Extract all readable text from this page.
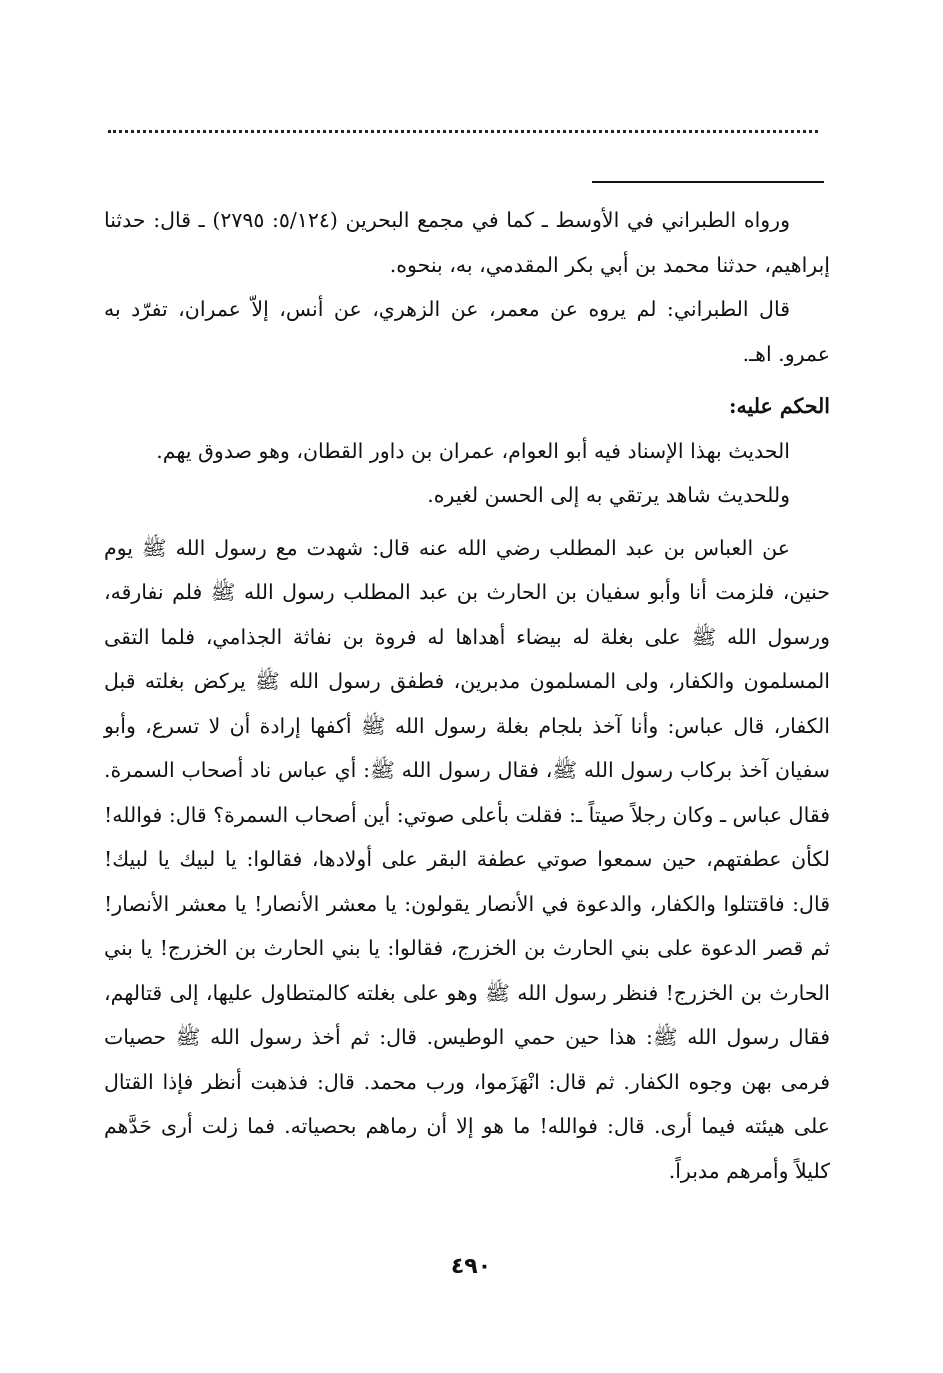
ورواه الطبراني في الأوسط ـ كما في مجمع البحرين (٥/١٢٤: ٢٧٩٥) ـ قال: حدثنا إبراهيم، حدثنا محمد بن أبي بكر المقدمي، به، بنحوه.

قال الطبراني: لم يروه عن معمر، عن الزهري، عن أنس، إلاّ عمران، تفرّد به عمرو. اهـ.

الحكم عليه:

الحديث بهذا الإسناد فيه أبو العوام، عمران بن داور القطان، وهو صدوق يهم.

وللحديث شاهد يرتقي به إلى الحسن لغيره.

عن العباس بن عبد المطلب رضي الله عنه قال: شهدت مع رسول الله ﷺ يوم حنين، فلزمت أنا وأبو سفيان بن الحارث بن عبد المطلب رسول الله ﷺ فلم نفارقه، ورسول الله ﷺ على بغلة له بيضاء أهداها له فروة بن نفاثة الجذامي، فلما التقى المسلمون والكفار، ولى المسلمون مدبرين، فطفق رسول الله ﷺ يركض بغلته قبل الكفار، قال عباس: وأنا آخذ بلجام بغلة رسول الله ﷺ أكفها إرادة أن لا تسرع، وأبو سفيان آخذ بركاب رسول الله ﷺ، فقال رسول الله ﷺ: أي عباس ناد أصحاب السمرة. فقال عباس ـ وكان رجلاً صيتاً ـ: فقلت بأعلى صوتي: أين أصحاب السمرة؟ قال: فوالله! لكأن عطفتهم، حين سمعوا صوتي عطفة البقر على أولادها، فقالوا: يا لبيك يا لبيك! قال: فاقتتلوا والكفار، والدعوة في الأنصار يقولون: يا معشر الأنصار! يا معشر الأنصار! ثم قصر الدعوة على بني الحارث بن الخزرج، فقالوا: يا بني الحارث بن الخزرج! يا بني الحارث بن الخزرج! فنظر رسول الله ﷺ وهو على بغلته كالمتطاول عليها، إلى قتالهم، فقال رسول الله ﷺ: هذا حين حمي الوطيس. قال: ثم أخذ رسول الله ﷺ حصيات فرمى بهن وجوه الكفار. ثم قال: انْهَزَموا، ورب محمد. قال: فذهبت أنظر فإذا القتال على هيئته فيما أرى. قال: فوالله! ما هو إلا أن رماهم بحصياته. فما زلت أرى حَدَّهم كليلاً وأمرهم مدبراً.

٤٩٠
